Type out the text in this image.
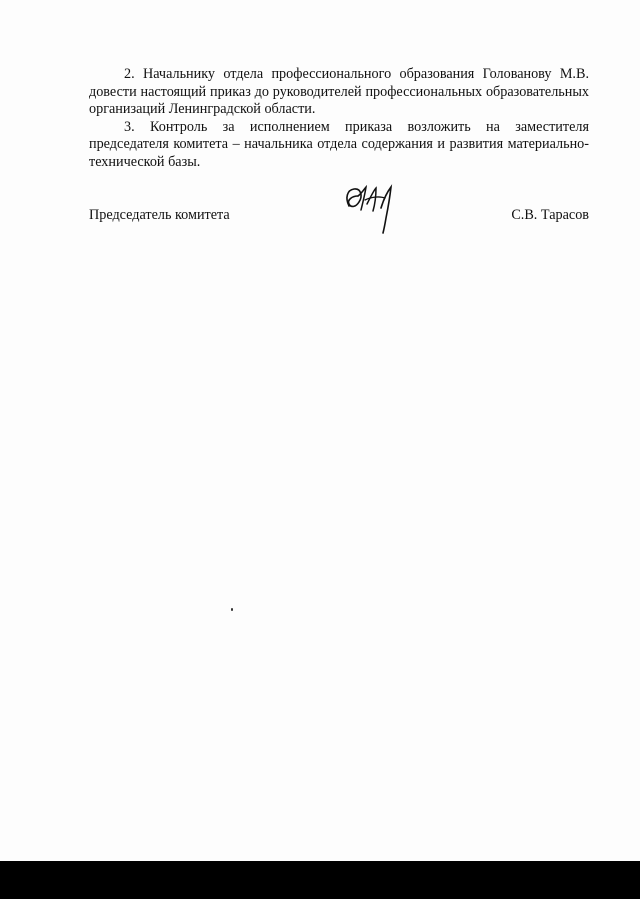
2. Начальнику отдела профессионального образования Голованову М.В. довести настоящий приказ до руководителей профессиональных образовательных организаций Ленинградской области.

3. Контроль за исполнением приказа возложить на заместителя председателя комитета – начальника отдела содержания и развития материально-технической базы.

Председатель комитета	С.В. Тарасов
